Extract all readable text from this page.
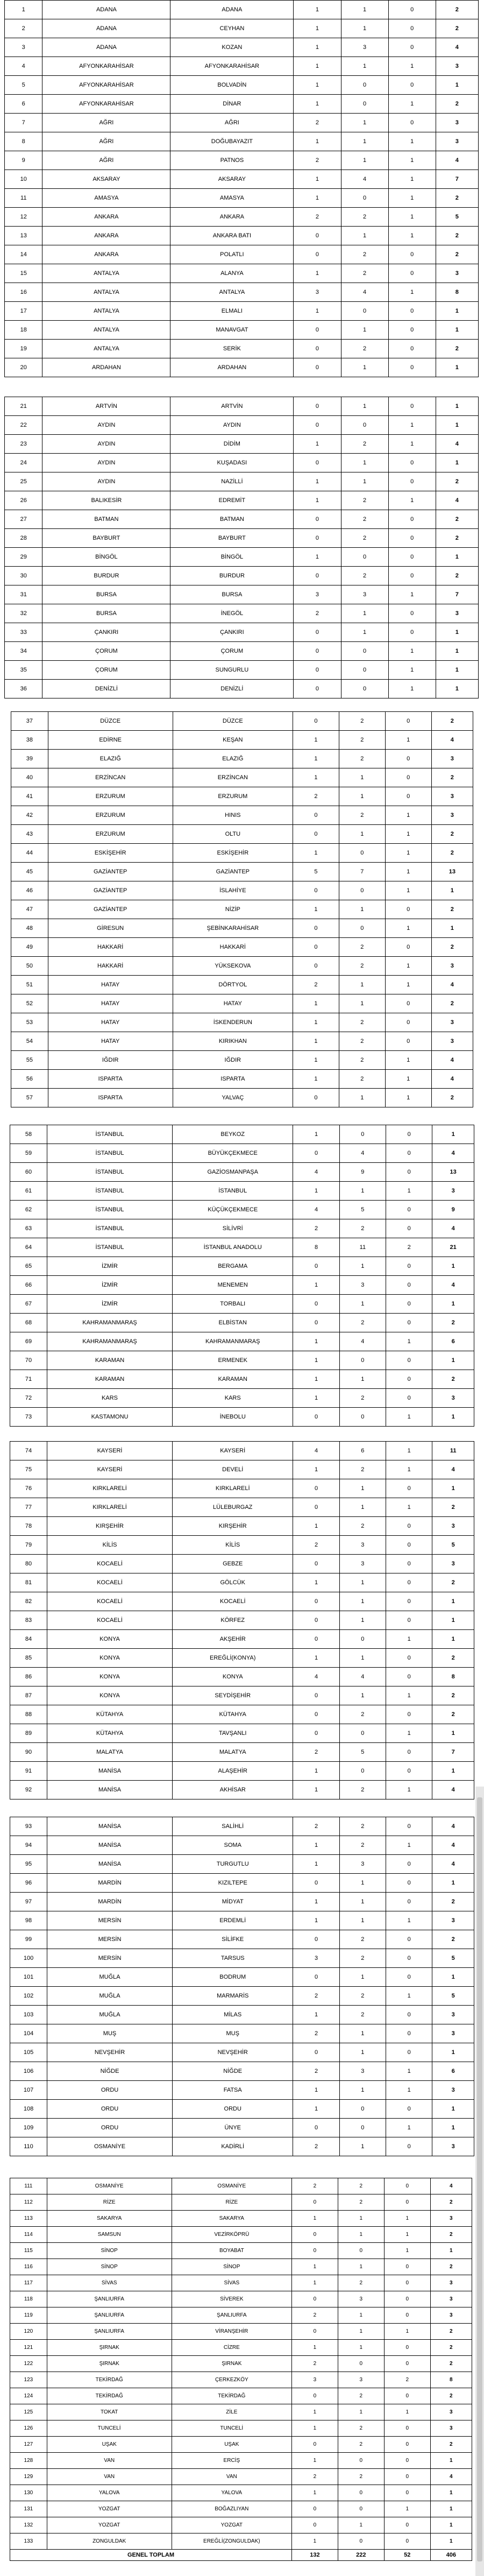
1	ADANA	ADANA	1	1	0	2
2	ADANA	CEYHAN	1	1	0	2
3	ADANA	KOZAN	1	3	0	4
4	AFYONKARAHİSAR	AFYONKARAHİSAR	1	1	1	3
5	AFYONKARAHİSAR	BOLVADİN	1	0	0	1
6	AFYONKARAHİSAR	DİNAR	1	0	1	2
7	AĞRI	AĞRI	2	1	0	3
8	AĞRI	DOĞUBAYAZIT	1	1	1	3
9	AĞRI	PATNOS	2	1	1	4
10	AKSARAY	AKSARAY	1	4	1	7
11	AMASYA	AMASYA	1	0	1	2
12	ANKARA	ANKARA	2	2	1	5
13	ANKARA	ANKARA BATI	0	1	1	2
14	ANKARA	POLATLI	0	2	0	2
15	ANTALYA	ALANYA	1	2	0	3
16	ANTALYA	ANTALYA	3	4	1	8
17	ANTALYA	ELMALI	1	0	0	1
18	ANTALYA	MANAVGAT	0	1	0	1
19	ANTALYA	SERİK	0	2	0	2
20	ARDAHAN	ARDAHAN	0	1	0	1
21	ARTVİN	ARTVİN	0	1	0	1
22	AYDIN	AYDIN	0	0	1	1
23	AYDIN	DİDİM	1	2	1	4
24	AYDIN	KUŞADASI	0	1	0	1
25	AYDIN	NAZİLLİ	1	1	0	2
26	BALIKESİR	EDREMİT	1	2	1	4
27	BATMAN	BATMAN	0	2	0	2
28	BAYBURT	BAYBURT	0	2	0	2
29	BİNGÖL	BİNGÖL	1	0	0	1
30	BURDUR	BURDUR	0	2	0	2
31	BURSA	BURSA	3	3	1	7
32	BURSA	İNEGÖL	2	1	0	3
33	ÇANKIRI	ÇANKIRI	0	1	0	1
34	ÇORUM	ÇORUM	0	0	1	1
35	ÇORUM	SUNGURLU	0	0	1	1
36	DENİZLİ	DENİZLİ	0	0	1	1
37	DÜZCE	DÜZCE	0	2	0	2
38	EDİRNE	KEŞAN	1	2	1	4
39	ELAZIĞ	ELAZIĞ	1	2	0	3
40	ERZİNCAN	ERZİNCAN	1	1	0	2
41	ERZURUM	ERZURUM	2	1	0	3
42	ERZURUM	HINIS	0	2	1	3
43	ERZURUM	OLTU	0	1	1	2
44	ESKİŞEHİR	ESKİŞEHİR	1	0	1	2
45	GAZİANTEP	GAZİANTEP	5	7	1	13
46	GAZİANTEP	İSLAHİYE	0	0	1	1
47	GAZİANTEP	NİZİP	1	1	0	2
48	GİRESUN	ŞEBİNKARAHİSAR	0	0	1	1
49	HAKKARİ	HAKKARİ	0	2	0	2
50	HAKKARİ	YÜKSEKOVA	0	2	1	3
51	HATAY	DÖRTYOL	2	1	1	4
52	HATAY	HATAY	1	1	0	2
53	HATAY	İSKENDERUN	1	2	0	3
54	HATAY	KIRIKHAN	1	2	0	3
55	IĞDIR	IĞDIR	1	2	1	4
56	ISPARTA	ISPARTA	1	2	1	4
57	ISPARTA	YALVAÇ	0	1	1	2
58	İSTANBUL	BEYKOZ	1	0	0	1
59	İSTANBUL	BÜYÜKÇEKMECE	0	4	0	4
60	İSTANBUL	GAZİOSMANPAŞA	4	9	0	13
61	İSTANBUL	İSTANBUL	1	1	1	3
62	İSTANBUL	KÜÇÜKÇEKMECE	4	5	0	9
63	İSTANBUL	SİLİVRİ	2	2	0	4
64	İSTANBUL	İSTANBUL ANADOLU	8	11	2	21
65	İZMİR	BERGAMA	0	1	0	1
66	İZMİR	MENEMEN	1	3	0	4
67	İZMİR	TORBALI	0	1	0	1
68	KAHRAMANMARAŞ	ELBİSTAN	0	2	0	2
69	KAHRAMANMARAŞ	KAHRAMANMARAŞ	1	4	1	6
70	KARAMAN	ERMENEK	1	0	0	1
71	KARAMAN	KARAMAN	1	1	0	2
72	KARS	KARS	1	2	0	3
73	KASTAMONU	İNEBOLU	0	0	1	1
74	KAYSERİ	KAYSERİ	4	6	1	11
75	KAYSERİ	DEVELİ	1	2	1	4
76	KIRKLARELİ	KIRKLARELİ	0	1	0	1
77	KIRKLARELİ	LÜLEBURGAZ	0	1	1	2
78	KIRŞEHİR	KIRŞEHİR	1	2	0	3
79	KİLİS	KİLİS	2	3	0	5
80	KOCAELİ	GEBZE	0	3	0	3
81	KOCAELİ	GÖLCÜK	1	1	0	2
82	KOCAELİ	KOCAELİ	0	1	0	1
83	KOCAELİ	KÖRFEZ	0	1	0	1
84	KONYA	AKŞEHİR	0	0	1	1
85	KONYA	EREĞLİ(KONYA)	1	1	0	2
86	KONYA	KONYA	4	4	0	8
87	KONYA	SEYDİŞEHİR	0	1	1	2
88	KÜTAHYA	KÜTAHYA	0	2	0	2
89	KÜTAHYA	TAVŞANLI	0	0	1	1
90	MALATYA	MALATYA	2	5	0	7
91	MANİSA	ALAŞEHİR	1	0	0	1
92	MANİSA	AKHİSAR	1	2	1	4
93	MANİSA	SALİHLİ	2	2	0	4
94	MANİSA	SOMA	1	2	1	4
95	MANİSA	TURGUTLU	1	3	0	4
96	MARDİN	KIZILTEPE	0	1	0	1
97	MARDİN	MİDYAT	1	1	0	2
98	MERSİN	ERDEMLİ	1	1	1	3
99	MERSİN	SİLİFKE	0	2	0	2
100	MERSİN	TARSUS	3	2	0	5
101	MUĞLA	BODRUM	0	1	0	1
102	MUĞLA	MARMARİS	2	2	1	5
103	MUĞLA	MİLAS	1	2	0	3
104	MUŞ	MUŞ	2	1	0	3
105	NEVŞEHİR	NEVŞEHİR	0	1	0	1
106	NİĞDE	NİĞDE	2	3	1	6
107	ORDU	FATSA	1	1	1	3
108	ORDU	ORDU	1	0	0	1
109	ORDU	ÜNYE	0	0	1	1
110	OSMANİYE	KADİRLİ	2	1	0	3
111	OSMANİYE	OSMANİYE	2	2	0	4
112	RİZE	RİZE	0	2	0	2
113	SAKARYA	SAKARYA	1	1	1	3
114	SAMSUN	VEZİRKÖPRÜ	0	1	1	2
115	SİNOP	BOYABAT	0	0	1	1
116	SİNOP	SİNOP	1	1	0	2
117	SİVAS	SİVAS	1	2	0	3
118	ŞANLIURFA	SİVEREK	0	3	0	3
119	ŞANLIURFA	ŞANLIURFA	2	1	0	3
120	ŞANLIURFA	VİRANŞEHİR	0	1	1	2
121	ŞIRNAK	CİZRE	1	1	0	2
122	ŞIRNAK	ŞIRNAK	2	0	0	2
123	TEKİRDAĞ	ÇERKEZKÖY	3	3	2	8
124	TEKİRDAĞ	TEKİRDAĞ	0	2	0	2
125	TOKAT	ZİLE	1	1	1	3
126	TUNCELİ	TUNCELİ	1	2	0	3
127	UŞAK	UŞAK	0	2	0	2
128	VAN	ERCİŞ	1	0	0	1
129	VAN	VAN	2	2	0	4
130	YALOVA	YALOVA	1	0	0	1
131	YOZGAT	BOĞAZLIYAN	0	0	1	1
132	YOZGAT	YOZGAT	0	1	0	1
133	ZONGULDAK	EREĞLİ(ZONGULDAK)	1	0	0	1
GENEL TOPLAM			132	222	52	406
